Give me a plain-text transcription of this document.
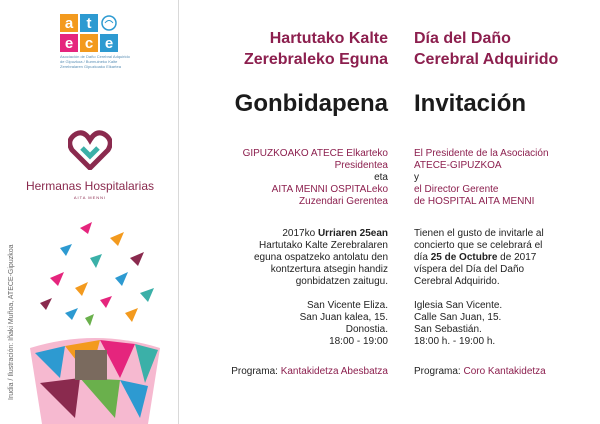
a t
e c e
Asociación de Daño Cerebral Adquirido de Gipuzkoa / Burmuineko Kalte Zerebralaren Gipuzkoako Elkartea
Hermanas Hospitalarias
AITA MENNI
Irudia / Ilustración: Iñaki Muñoa, ATECE-Gipuzkoa
Hartutako Kalte
Zerebraleko Eguna
Gonbidapena
GIPUZKOAKO ATECE Elkarteko
Presidentea
eta
AITA MENNI OSPITALeko
Zuzendari Gerentea
2017ko Urriaren 25ean
Hartutako Kalte Zerebralaren
eguna ospatzeko antolatu den
kontzertura atsegin handiz
gonbidatzen zaitugu.
San Vicente Eliza.
San Juan kalea, 15.
Donostia.
18:00 - 19:00
Programa: Kantakidetza Abesbatza
Día del Daño
Cerebral Adquirido
Invitación
El Presidente de la Asociación
ATECE-GIPUZKOA
y
el Director Gerente
de HOSPITAL AITA MENNI
Tienen el gusto de invitarle al
concierto que se celebrará el
día 25 de Octubre de 2017
víspera del Día del Daño
Cerebral Adquirido.
Iglesia San Vicente.
Calle San Juan, 15.
San Sebastián.
18:00 h. - 19:00 h.
Programa: Coro Kantakidetza
